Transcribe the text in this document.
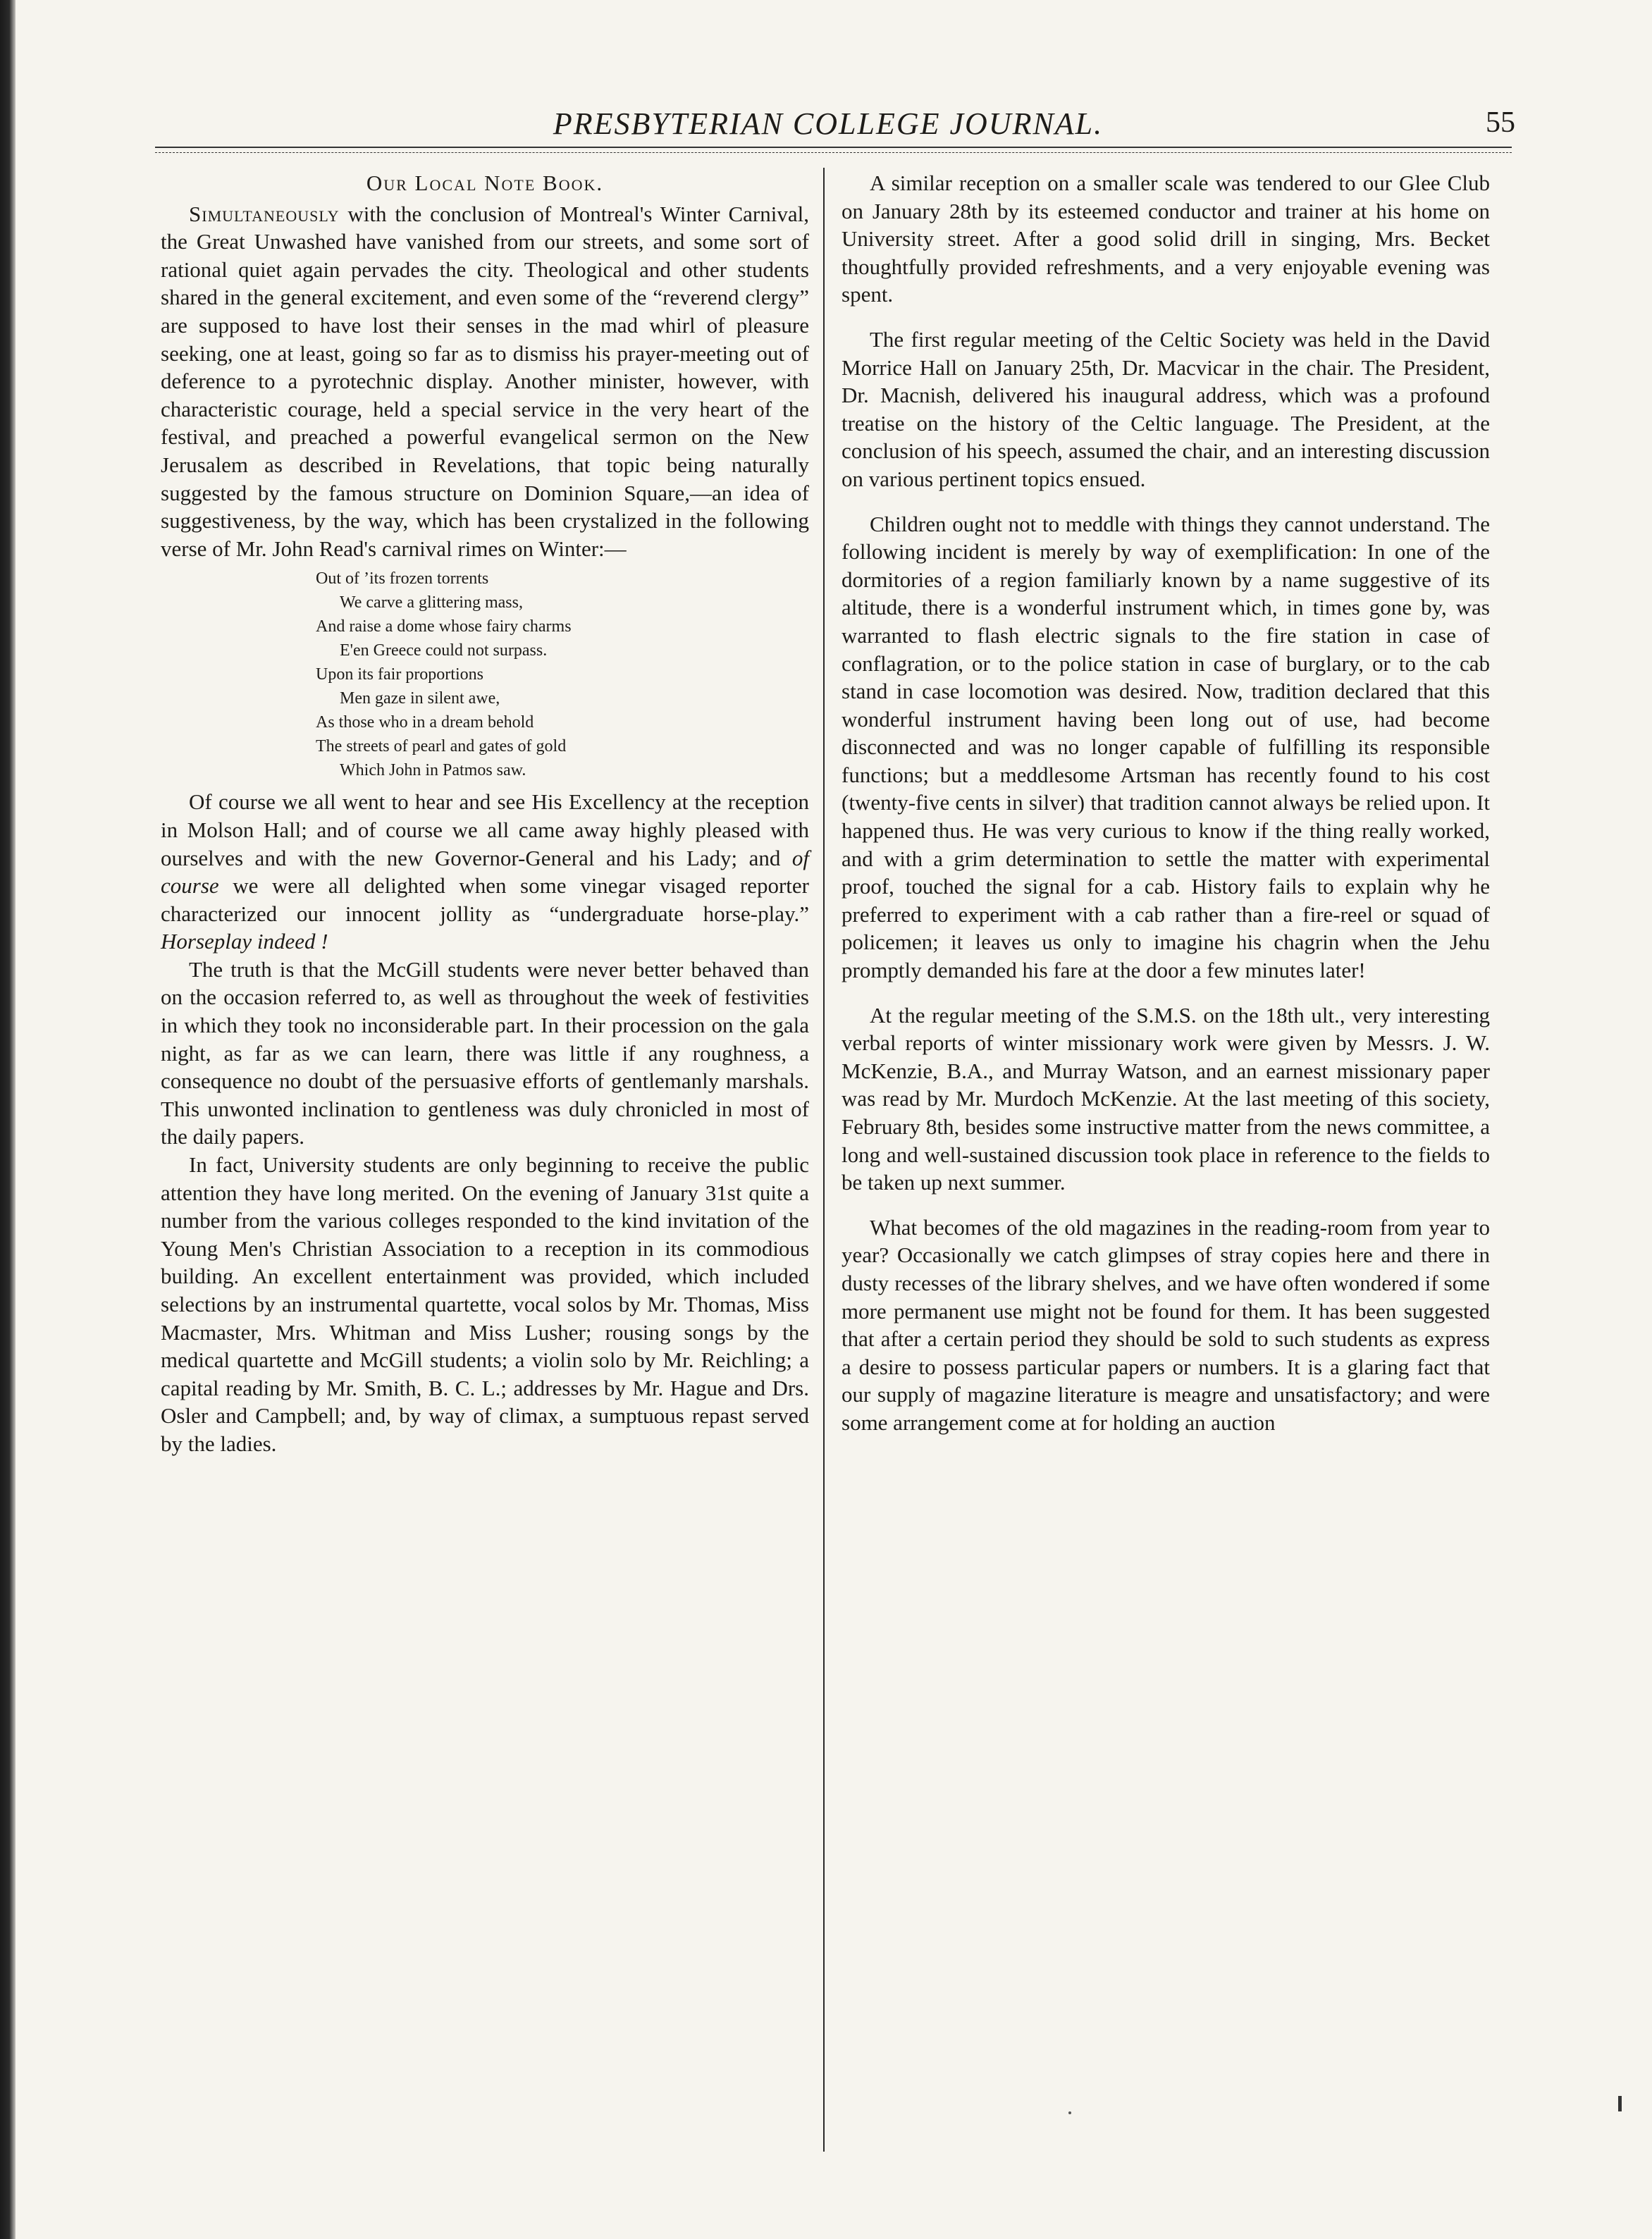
PRESBYTERIAN COLLEGE JOURNAL.	55
Our Local Note Book.

Simultaneously with the conclusion of Montreal's Winter Carnival, the Great Unwashed have vanished from our streets, and some sort of rational quiet again pervades the city. Theological and other students shared in the general excitement, and even some of the “reverend clergy” are supposed to have lost their senses in the mad whirl of pleasure seeking, one at least, going so far as to dismiss his prayer-meeting out of deference to a pyrotechnic display. Another minister, however, with characteristic courage, held a special service in the very heart of the festival, and preached a powerful evangelical sermon on the New Jerusalem as described in Revelations, that topic being naturally suggested by the famous structure on Dominion Square,—an idea of suggestiveness, by the way, which has been crystalized in the following verse of Mr. John Read's carnival rimes on Winter:—

Out of ’its frozen torrents
We carve a glittering mass,
And raise a dome whose fairy charms
E'en Greece could not surpass.
Upon its fair proportions
Men gaze in silent awe,
As those who in a dream behold
The streets of pearl and gates of gold
Which John in Patmos saw.

Of course we all went to hear and see His Excellency at the reception in Molson Hall; and of course we all came away highly pleased with ourselves and with the new Governor-General and his Lady; and of course we were all delighted when some vinegar visaged reporter characterized our innocent jollity as “undergraduate horse-play.” Horseplay indeed !

The truth is that the McGill students were never better behaved than on the occasion referred to, as well as throughout the week of festivities in which they took no inconsiderable part. In their procession on the gala night, as far as we can learn, there was little if any roughness, a consequence no doubt of the persuasive efforts of gentlemanly marshals. This unwonted inclination to gentleness was duly chronicled in most of the daily papers.

In fact, University students are only beginning to receive the public attention they have long merited. On the evening of January 31st quite a number from the various colleges responded to the kind invitation of the Young Men's Christian Association to a reception in its commodious building. An excellent entertainment was provided, which included selections by an instrumental quartette, vocal solos by Mr. Thomas, Miss Macmaster, Mrs. Whitman and Miss Lusher; rousing songs by the medical quartette and McGill students; a violin solo by Mr. Reichling; a capital reading by Mr. Smith, B. C. L.; addresses by Mr. Hague and Drs. Osler and Campbell; and, by way of climax, a sumptuous repast served by the ladies.

A similar reception on a smaller scale was tendered to our Glee Club on January 28th by its esteemed conductor and trainer at his home on University street. After a good solid drill in singing, Mrs. Becket thoughtfully provided refreshments, and a very enjoyable evening was spent.

The first regular meeting of the Celtic Society was held in the David Morrice Hall on January 25th, Dr. Macvicar in the chair. The President, Dr. Macnish, delivered his inaugural address, which was a profound treatise on the history of the Celtic language. The President, at the conclusion of his speech, assumed the chair, and an interesting discussion on various pertinent topics ensued.

Children ought not to meddle with things they cannot understand. The following incident is merely by way of exemplification: In one of the dormitories of a region familiarly known by a name suggestive of its altitude, there is a wonderful instrument which, in times gone by, was warranted to flash electric signals to the fire station in case of conflagration, or to the police station in case of burglary, or to the cab stand in case locomotion was desired. Now, tradition declared that this wonderful instrument having been long out of use, had become disconnected and was no longer capable of fulfilling its responsible functions; but a meddlesome Artsman has recently found to his cost (twenty-five cents in silver) that tradition cannot always be relied upon. It happened thus. He was very curious to know if the thing really worked, and with a grim determination to settle the matter with experimental proof, touched the signal for a cab. History fails to explain why he preferred to experiment with a cab rather than a fire-reel or squad of policemen; it leaves us only to imagine his chagrin when the Jehu promptly demanded his fare at the door a few minutes later!

At the regular meeting of the S.M.S. on the 18th ult., very interesting verbal reports of winter missionary work were given by Messrs. J. W. McKenzie, B.A., and Murray Watson, and an earnest missionary paper was read by Mr. Murdoch McKenzie. At the last meeting of this society, February 8th, besides some instructive matter from the news committee, a long and well-sustained discussion took place in reference to the fields to be taken up next summer.

What becomes of the old magazines in the reading-room from year to year? Occasionally we catch glimpses of stray copies here and there in dusty recesses of the library shelves, and we have often wondered if some more permanent use might not be found for them. It has been suggested that after a certain period they should be sold to such students as express a desire to possess particular papers or numbers. It is a glaring fact that our supply of magazine literature is meagre and unsatisfactory; and were some arrangement come at for holding an auction
